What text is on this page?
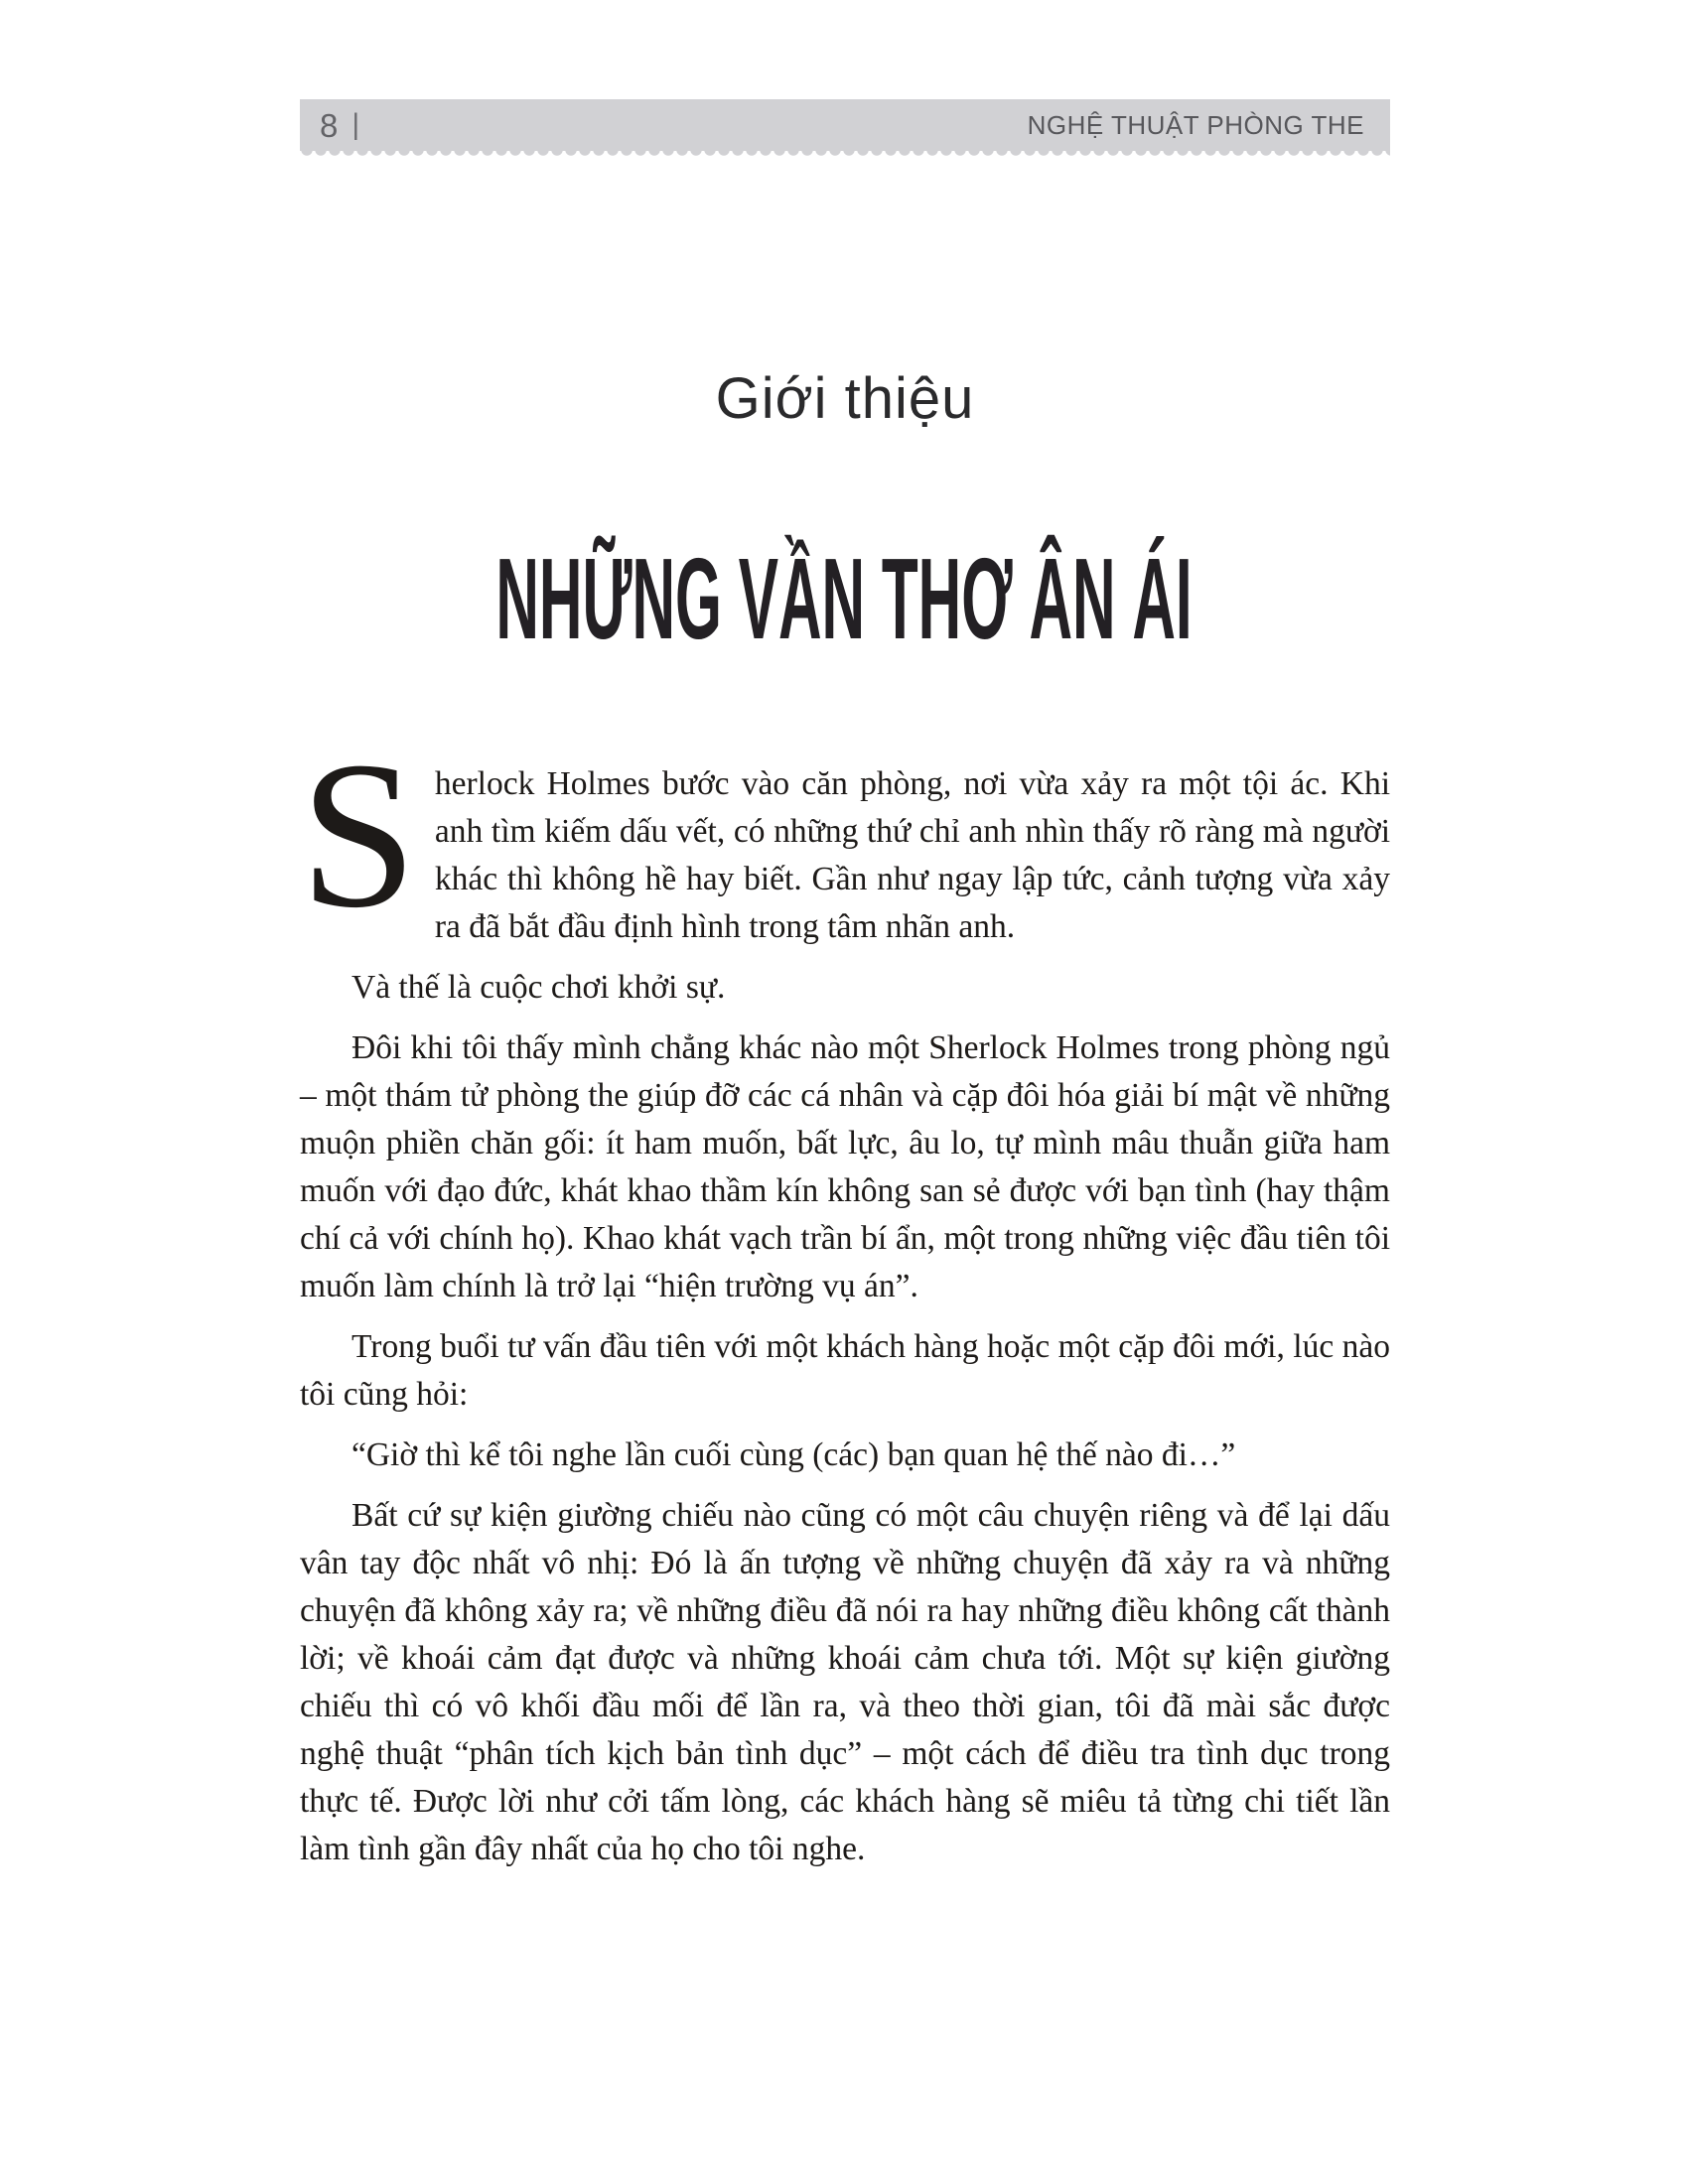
8 |	NGHỆ THUẬT PHÒNG THE
Giới thiệu
NHỮNG VẦN THƠ ÂN ÁI

Sherlock Holmes bước vào căn phòng, nơi vừa xảy ra một tội ác. Khi anh tìm kiếm dấu vết, có những thứ chỉ anh nhìn thấy rõ ràng mà người khác thì không hề hay biết. Gần như ngay lập tức, cảnh tượng vừa xảy ra đã bắt đầu định hình trong tâm nhãn anh.

Và thế là cuộc chơi khởi sự.

Đôi khi tôi thấy mình chẳng khác nào một Sherlock Holmes trong phòng ngủ – một thám tử phòng the giúp đỡ các cá nhân và cặp đôi hóa giải bí mật về những muộn phiền chăn gối: ít ham muốn, bất lực, âu lo, tự mình mâu thuẫn giữa ham muốn với đạo đức, khát khao thầm kín không san sẻ được với bạn tình (hay thậm chí cả với chính họ). Khao khát vạch trần bí ẩn, một trong những việc đầu tiên tôi muốn làm chính là trở lại “hiện trường vụ án”.

Trong buổi tư vấn đầu tiên với một khách hàng hoặc một cặp đôi mới, lúc nào tôi cũng hỏi:

“Giờ thì kể tôi nghe lần cuối cùng (các) bạn quan hệ thế nào đi…”

Bất cứ sự kiện giường chiếu nào cũng có một câu chuyện riêng và để lại dấu vân tay độc nhất vô nhị: Đó là ấn tượng về những chuyện đã xảy ra và những chuyện đã không xảy ra; về những điều đã nói ra hay những điều không cất thành lời; về khoái cảm đạt được và những khoái cảm chưa tới. Một sự kiện giường chiếu thì có vô khối đầu mối để lần ra, và theo thời gian, tôi đã mài sắc được nghệ thuật “phân tích kịch bản tình dục” – một cách để điều tra tình dục trong thực tế. Được lời như cởi tấm lòng, các khách hàng sẽ miêu tả từng chi tiết lần làm tình gần đây nhất của họ cho tôi nghe.
